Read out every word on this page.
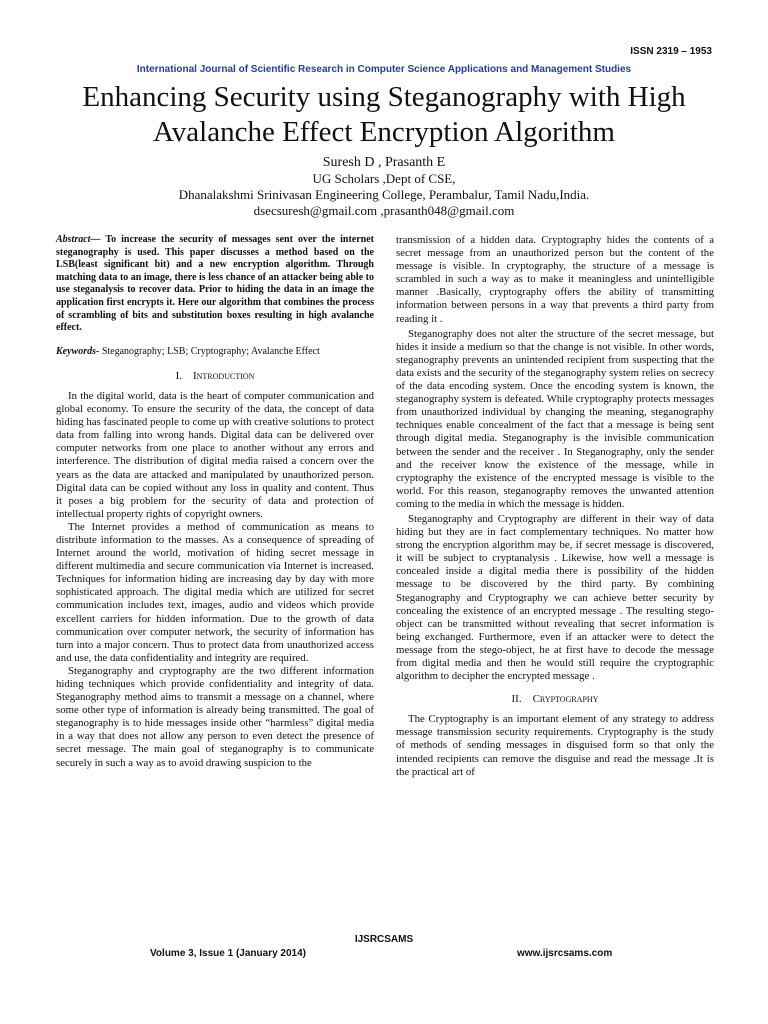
ISSN 2319 – 1953
International Journal of Scientific Research in Computer Science Applications and Management Studies
Enhancing Security using Steganography with High Avalanche Effect Encryption Algorithm
Suresh D , Prasanth E
UG Scholars ,Dept of CSE,
Dhanalakshmi Srinivasan Engineering College, Perambalur, Tamil Nadu,India.
dsecsuresh@gmail.com ,prasanth048@gmail.com

Abstract— To increase the security of messages sent over the internet steganography is used. This paper discusses a method based on the LSB(least significant bit) and a new encryption algorithm. Through matching data to an image, there is less chance of an attacker being able to use steganalysis to recover data. Prior to hiding the data in an image the application first encrypts it. Here our algorithm that combines the process of scrambling of bits and substitution boxes resulting in high avalanche effect.

Keywords- Steganography; LSB; Cryptography; Avalanche Effect

I. Introduction

In the digital world, data is the heart of computer communication and global economy. To ensure the security of the data, the concept of data hiding has fascinated people to come up with creative solutions to protect data from falling into wrong hands. Digital data can be delivered over computer networks from one place to another without any errors and interference. The distribution of digital media raised a concern over the years as the data are attacked and manipulated by unauthorized person. Digital data can be copied without any loss in quality and content. Thus it poses a big problem for the security of data and protection of intellectual property rights of copyright owners.

The Internet provides a method of communication as means to distribute information to the masses. As a consequence of spreading of Internet around the world, motivation of hiding secret message in different multimedia and secure communication via Internet is increased. Techniques for information hiding are increasing day by day with more sophisticated approach. The digital media which are utilized for secret communication includes text, images, audio and videos which provide excellent carriers for hidden information. Due to the growth of data communication over computer network, the security of information has turn into a major concern. Thus to protect data from unauthorized access and use, the data confidentiality and integrity are required.

Steganography and cryptography are the two different information hiding techniques which provide confidentiality and integrity of data. Steganography method aims to transmit a message on a channel, where some other type of information is already being transmitted. The goal of steganography is to hide messages inside other “harmless” digital media in a way that does not allow any person to even detect the presence of secret message. The main goal of steganography is to communicate securely in such a way as to avoid drawing suspicion to the

transmission of a hidden data. Cryptography hides the contents of a secret message from an unauthorized person but the content of the message is visible. In cryptography, the structure of a message is scrambled in such a way as to make it meaningless and unintelligible manner .Basically, cryptography offers the ability of transmitting information between persons in a way that prevents a third party from reading it .

Steganography does not alter the structure of the secret message, but hides it inside a medium so that the change is not visible. In other words, steganography prevents an unintended recipient from suspecting that the data exists and the security of the steganography system relies on secrecy of the data encoding system. Once the encoding system is known, the steganography system is defeated. While cryptography protects messages from unauthorized individual by changing the meaning, steganography techniques enable concealment of the fact that a message is being sent through digital media. Steganography is the invisible communication between the sender and the receiver . In Steganography, only the sender and the receiver know the existence of the message, while in cryptography the existence of the encrypted message is visible to the world. For this reason, steganography removes the unwanted attention coming to the media in which the message is hidden.

Steganography and Cryptography are different in their way of data hiding but they are in fact complementary techniques. No matter how strong the encryption algorithm may be, if secret message is discovered, it will be subject to cryptanalysis . Likewise, how well a message is concealed inside a digital media there is possibility of the hidden message to be discovered by the third party. By combining Steganography and Cryptography we can achieve better security by concealing the existence of an encrypted message . The resulting stego-object can be transmitted without revealing that secret information is being exchanged. Furthermore, even if an attacker were to detect the message from the stego-object, he at first have to decode the message from digital media and then he would still require the cryptographic algorithm to decipher the encrypted message .

II. Cryptography

The Cryptography is an important element of any strategy to address message transmission security requirements. Cryptography is the study of methods of sending messages in disguised form so that only the intended recipients can remove the disguise and read the message .It is the practical art of

IJSRCSAMS
Volume 3, Issue 1 (January 2014)	www.ijsrcsams.com
